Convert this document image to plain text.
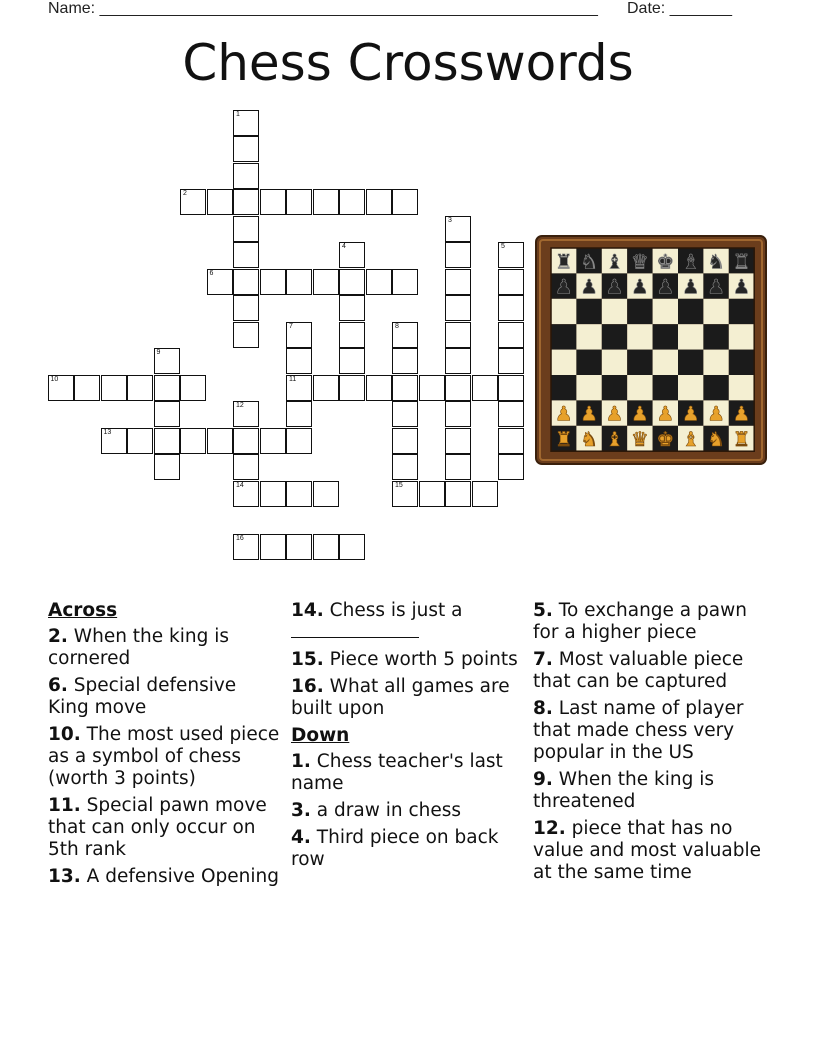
Name: ________________________________________________________ Date: _______
Chess Crosswords
1
2
3
4	5
6
7
11
8
15
9
10
12
14
13
16
♜ ♞ ♝ ♛ ♚ ♝ ♞ ♜
♟ ♟ ♟ ♟ ♟ ♟ ♟ ♟
♟ ♟ ♟ ♟ ♟ ♟ ♟ ♟
♜ ♞ ♝ ♛ ♚ ♝ ♞ ♜
Across
2. When the king is cornered
6. Special defensive King move
10. The most used piece as a symbol of chess (worth 3 points)
11. Special pawn move that can only occur on 5th rank
13. A defensive Opening
14. Chess is just a

15. Piece worth 5 points
16. What all games are built upon
Down
1. Chess teacher's last name
3. a draw in chess
4. Third piece on back row
5. To exchange a pawn for a higher piece
7. Most valuable piece that can be captured
8. Last name of player that made chess very popular in the US
9. When the king is threatened
12. piece that has no value and most valuable at the same time
